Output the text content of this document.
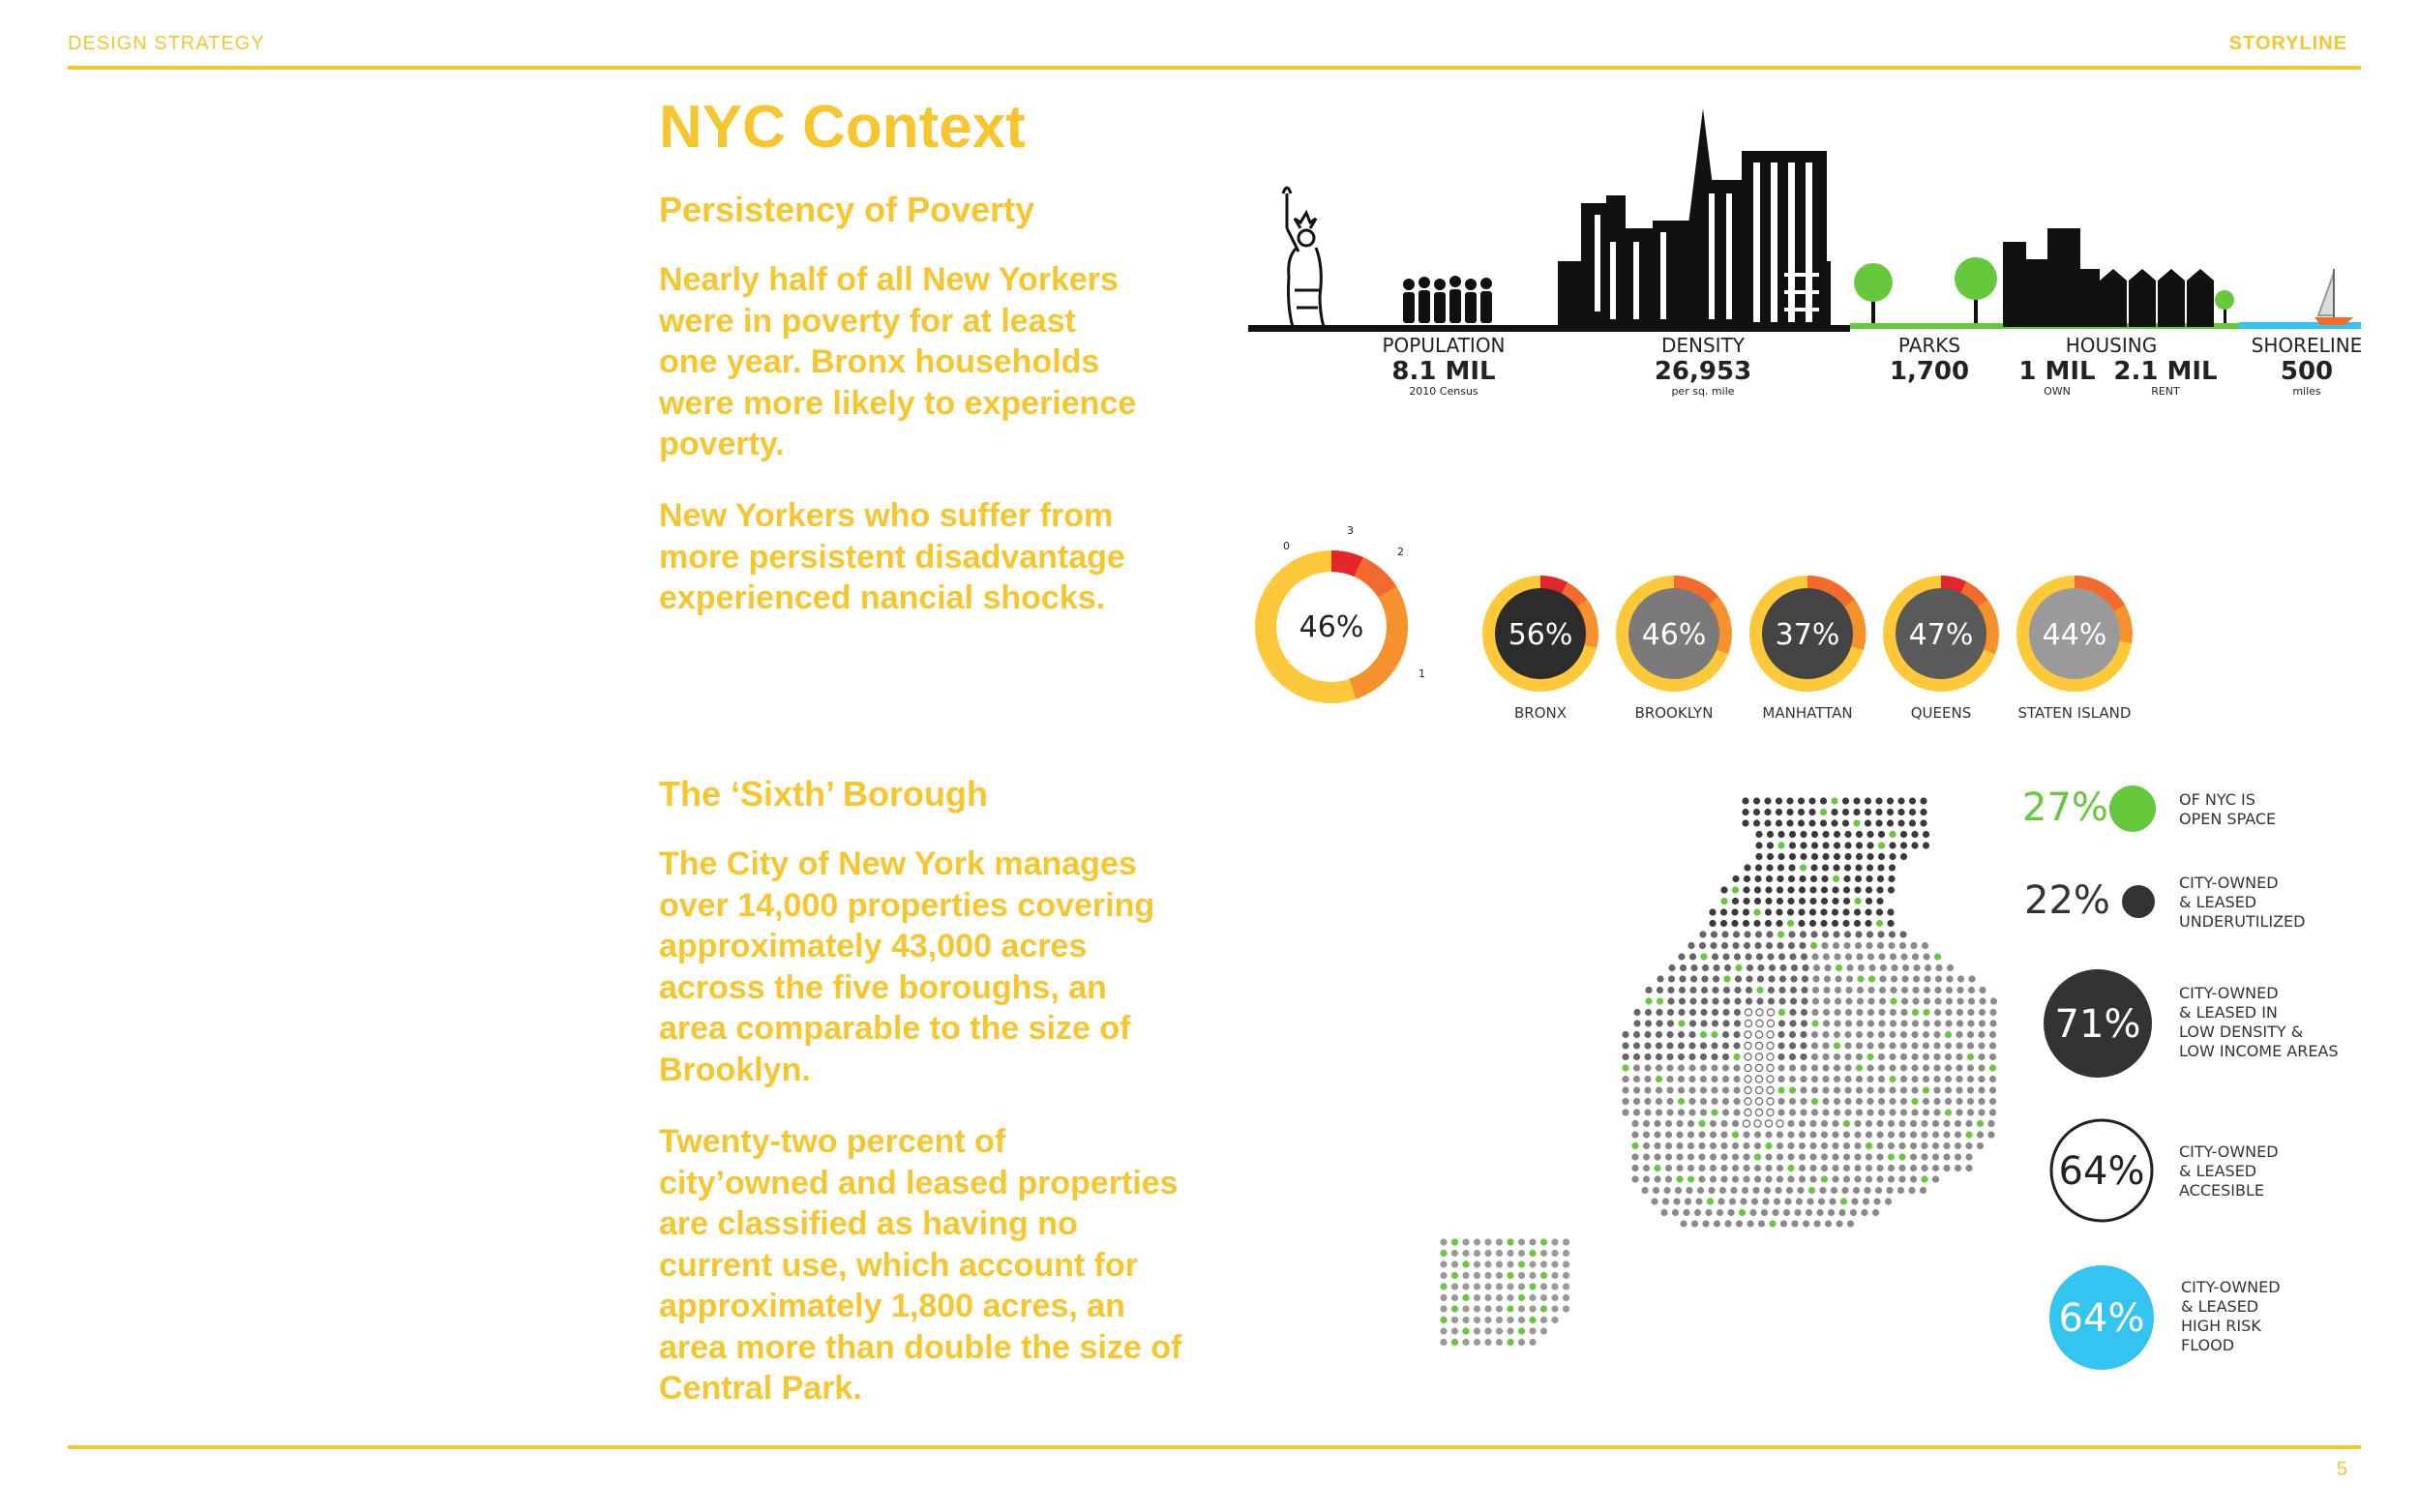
DESIGN STRATEGY	STORYLINE
5
NYC Context
Persistency of Poverty
Nearly half of all New Yorkers
were in poverty for at least
one year. Bronx households
were more likely to experience
poverty.
New Yorkers who suffer from
more persistent disadvantage
experienced nancial shocks.
The ‘Sixth’ Borough
The City of New York manages
over 14,000 properties covering
approximately 43,000 acres
across the five boroughs, an
area comparable to the size of
Brooklyn.
Twenty-two percent of
city’owned and leased properties
are classified as having no
current use, which account for
approximately 1,800 acres, an
area more than double the size of
Central Park.
POPULATION
8.1 MIL
2010 Census
DENSITY
26,953
per sq. mile
PARKS
1,700
HOUSING
1 MIL
OWN
2.1 MIL
RENT
SHORELINE
500
miles
46%
0
3
2
1
56%
BRONX
46%
BROOKLYN
37%
MANHATTAN
47%
QUEENS
44%
STATEN ISLAND
27%	OF NYC IS
OPEN SPACE
22%	CITY-OWNED
& LEASED
UNDERUTILIZED
71%
CITY-OWNED
& LEASED IN
LOW DENSITY &
LOW INCOME AREAS
64% CITY-OWNED
& LEASED
ACCESIBLE
64%
CITY-OWNED
& LEASED
HIGH RISK
FLOOD
